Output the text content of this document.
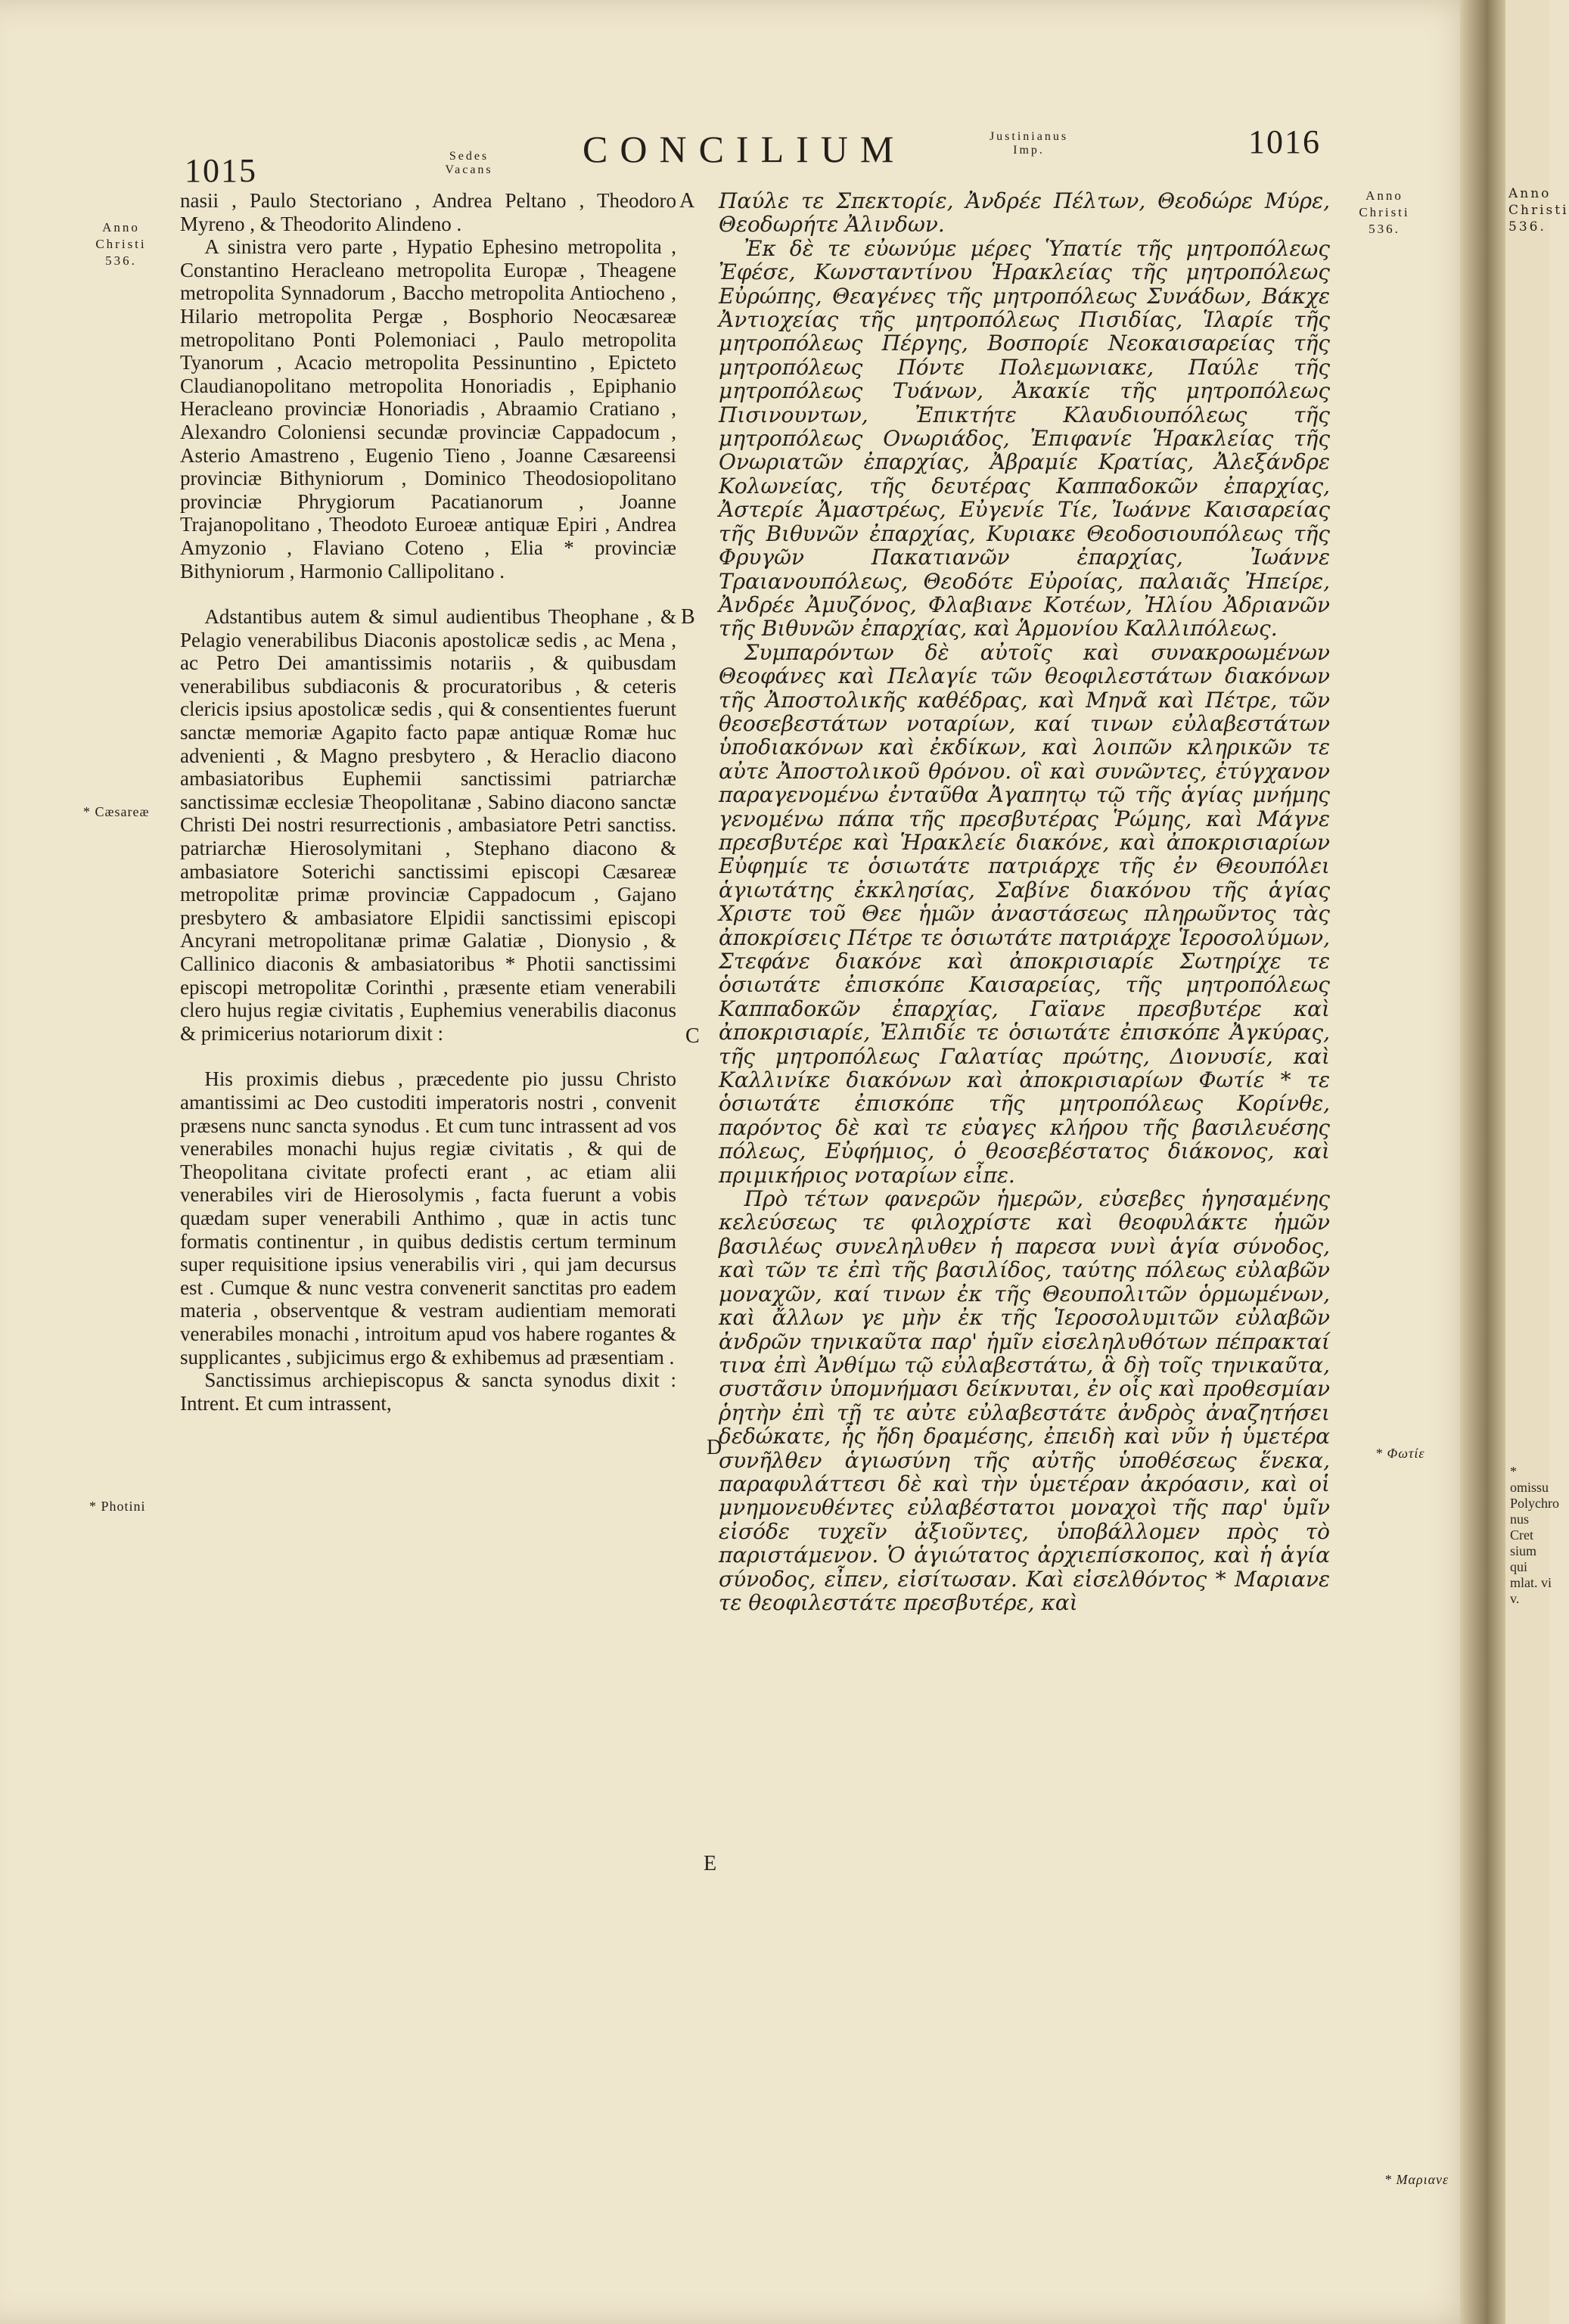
Anno
Christi
536.
* omissu
Polychro
nus Cret
sium qui
mlat. vi
v.
1015	Sedes
Vacans	CONCILIUM	Justinianus
Imp.	1016
Anno
Christi
536.
* Cæsareæ
* Photini
Anno
Christi
536.
* Φωτίε
* Μαριανε
A
B
C
D
E

nasii , Paulo Stectoriano , Andrea Peltano , Theodoro Myreno , & Theodorito Alindeno .

A sinistra vero parte , Hypatio Ephesino metropolita , Constantino Heracleano metropolita Europæ , Theagene metropolita Synnadorum , Baccho metropolita Antiocheno , Hilario metropolita Pergæ , Bosphorio Neocæsareæ metropolitano Ponti Polemoniaci , Paulo metropolita Tyanorum , Acacio metropolita Pessinuntino , Epicteto Claudianopolitano metropolita Honoriadis , Epiphanio Heracleano provinciæ Honoriadis , Abraamio Cratiano , Alexandro Coloniensi secundæ provinciæ Cappadocum , Asterio Amastreno , Eugenio Tieno , Joanne Cæsareensi provinciæ Bithyniorum , Dominico Theodosiopolitano provinciæ Phrygiorum Pacatianorum , Joanne Trajanopolitano , Theodoto Euroeæ antiquæ Epiri , Andrea Amyzonio , Flaviano Coteno , Elia * provinciæ Bithyniorum , Harmonio Callipolitano .

Adstantibus autem & simul audientibus Theophane , & Pelagio venerabilibus Diaconis apostolicæ sedis , ac Mena , ac Petro Dei amantissimis notariis , & quibusdam venerabilibus subdiaconis & procuratoribus , & ceteris clericis ipsius apostolicæ sedis , qui & consentientes fuerunt sanctæ memoriæ Agapito facto papæ antiquæ Romæ huc advenienti , & Magno presbytero , & Heraclio diacono ambasiatoribus Euphemii sanctissimi patriarchæ sanctissimæ ecclesiæ Theopolitanæ , Sabino diacono sanctæ Christi Dei nostri resurrectionis , ambasiatore Petri sanctiss. patriarchæ Hierosolymitani , Stephano diacono & ambasiatore Soterichi sanctissimi episcopi Cæsareæ metropolitæ primæ provinciæ Cappadocum , Gajano presbytero & ambasiatore Elpidii sanctissimi episcopi Ancyrani metropolitanæ primæ Galatiæ , Dionysio , & Callinico diaconis & ambasiatoribus * Photii sanctissimi episcopi metropolitæ Corinthi , præsente etiam venerabili clero hujus regiæ civitatis , Euphemius venerabilis diaconus & primicerius notariorum dixit :

His proximis diebus , præcedente pio jussu Christo amantissimi ac Deo custoditi imperatoris nostri , convenit præsens nunc sancta synodus . Et cum tunc intrassent ad vos venerabiles monachi hujus regiæ civitatis , & qui de Theopolitana civitate profecti erant , ac etiam alii venerabiles viri de Hierosolymis , facta fuerunt a vobis quædam super venerabili Anthimo , quæ in actis tunc formatis continentur , in quibus dedistis certum terminum super requisitione ipsius venerabilis viri , qui jam decursus est . Cumque & nunc vestra convenerit sanctitas pro eadem materia , observentque & vestram audientiam memorati venerabiles monachi , introitum apud vos habere rogantes & supplicantes , subjicimus ergo & exhibemus ad præsentiam .

Sanctissimus archiepiscopus & sancta synodus dixit : Intrent. Et cum intrassent,

Παύλε τε Σπεκτορίε, Ἀνδρέε Πέλτων, Θεοδώρε Μύρε, Θεοδωρήτε Ἀλινδων.

Ἐκ δὲ τε εὐωνύμε μέρες Ὑπατίε τῆς μητροπόλεως Ἐφέσε, Κωνσταντίνου Ἡρακλείας τῆς μητροπόλεως Εὐρώπης, Θεαγένες τῆς μητροπόλεως Συνάδων, Βάκχε Ἀντιοχείας τῆς μητροπόλεως Πισιδίας, Ἱλαρίε τῆς μητροπόλεως Πέργης, Βοσπορίε Νεοκαισαρείας τῆς μητροπόλεως Πόντε Πολεμωνιακε, Παύλε τῆς μητροπόλεως Τυάνων, Ἀκακίε τῆς μητροπόλεως Πισινουντων, Ἐπικτήτε Κλαυδιουπόλεως τῆς μητροπόλεως Ονωριάδος, Ἐπιφανίε Ἡρακλείας τῆς Ονωριατῶν ἐπαρχίας, Ἀβραμίε Κρατίας, Ἀλεξάνδρε Κολωνείας, τῆς δευτέρας Καππαδοκῶν ἐπαρχίας, Ἀστερίε Ἀμαστρέως, Εὐγενίε Τίε, Ἰωάννε Καισαρείας τῆς Βιθυνῶν ἐπαρχίας, Κυριακε Θεοδοσιουπόλεως τῆς Φρυγῶν Πακατιανῶν ἐπαρχίας, Ἰωάννε Τραιανουπόλεως, Θεοδότε Εὐροίας, παλαιᾶς Ἠπείρε, Ἀνδρέε Ἀμυζόνος, Φλαβιανε Κοτέων, Ἠλίου Ἀδριανῶν τῆς Βιθυνῶν ἐπαρχίας, καὶ Ἁρμονίου Καλλιπόλεως.

Συμπαρόντων δὲ αὐτοῖς καὶ συνακροωμένων Θεοφάνες καὶ Πελαγίε τῶν θεοφιλεστάτων διακόνων τῆς Ἀποστολικῆς καθέδρας, καὶ Μηνᾶ καὶ Πέτρε, τῶν θεοσεβεστάτων νοταρίων, καί τινων εὐλαβεστάτων ὑποδιακόνων καὶ ἐκδίκων, καὶ λοιπῶν κληρικῶν τε αὐτε Ἀποστολικοῦ θρόνου. οἳ καὶ συνῶντες, ἐτύγχανον παραγενομένω ἐνταῦθα Ἀγαπητῳ τῷ τῆς ἁγίας μνήμης γενομένω πάπα τῆς πρεσβυτέρας Ῥώμης, καὶ Μάγνε πρεσβυτέρε καὶ Ἡρακλείε διακόνε, καὶ ἀποκρισιαρίων Εὐφημίε τε ὁσιωτάτε πατριάρχε τῆς ἐν Θεουπόλει ἁγιωτάτης ἐκκλησίας, Σαβίνε διακόνου τῆς ἁγίας Χριστε τοῦ Θεε ἡμῶν ἀναστάσεως πληρωῦντος τὰς ἀποκρίσεις Πέτρε τε ὁσιωτάτε πατριάρχε Ἱεροσολύμων, Στεφάνε διακόνε καὶ ἀποκρισιαρίε Σωτηρίχε τε ὁσιωτάτε ἐπισκόπε Καισαρείας, τῆς μητροπόλεως Καππαδοκῶν ἐπαρχίας, Γαϊανε πρεσβυτέρε καὶ ἀποκρισιαρίε, Ἐλπιδίε τε ὁσιωτάτε ἐπισκόπε Ἀγκύρας, τῆς μητροπόλεως Γαλατίας πρώτης, Διονυσίε, καὶ Καλλινίκε διακόνων καὶ ἀποκρισιαρίων Φωτίε * τε ὁσιωτάτε ἐπισκόπε τῆς μητροπόλεως Κορίνθε, παρόντος δὲ καὶ τε εὐαγες κλήρου τῆς βασιλευέσης πόλεως, Εὐφήμιος, ὁ θεοσεβέστατος διάκονος, καὶ πριμικήριος νοταρίων εἶπε.

Πρὸ τέτων φανερῶν ἡμερῶν, εὐσεβες ἡγησαμένης κελεύσεως τε φιλοχρίστε καὶ θεοφυλάκτε ἡμῶν βασιλέως συνεληλυθεν ἡ παρεσα νυνὶ ἁγία σύνοδος, καὶ τῶν τε ἐπὶ τῆς βασιλίδος, ταύτης πόλεως εὐλαβῶν μοναχῶν, καί τινων ἐκ τῆς Θεουπολιτῶν ὁρμωμένων, καὶ ἄλλων γε μὴν ἐκ τῆς Ἱεροσολυμιτῶν εὐλαβῶν ἀνδρῶν τηνικαῦτα παρ' ἡμῖν εἰσεληλυθότων πέπρακταί τινα ἐπὶ Ἀνθίμω τῷ εὐλαβεστάτω, ἃ δὴ τοῖς τηνικαῦτα, συστᾶσιν ὑπομνήμασι δείκνυται, ἐν οἷς καὶ προθεσμίαν ῥητὴν ἐπὶ τῇ τε αὐτε εὐλαβεστάτε ἀνδρὸς ἀναζητήσει δεδώκατε, ἧς ἤδη δραμέσης, ἐπειδὴ καὶ νῦν ἡ ὑμετέρα συνῆλθεν ἁγιωσύνη τῆς αὐτῆς ὑποθέσεως ἕνεκα, παραφυλάττεσι δὲ καὶ τὴν ὑμετέραν ἀκρόασιν, καὶ οἱ μνημονευθέντες εὐλαβέστατοι μοναχοὶ τῆς παρ' ὑμῖν εἰσόδε τυχεῖν ἀξιοῦντες, ὑποβάλλομεν πρὸς τὸ παριστάμενον. Ὁ ἁγιώτατος ἀρχιεπίσκοπος, καὶ ἡ ἁγία σύνοδος, εἶπεν, εἰσίτωσαν. Καὶ εἰσελθόντος * Μαριανε τε θεοφιλεστάτε πρεσβυτέρε, καὶ
